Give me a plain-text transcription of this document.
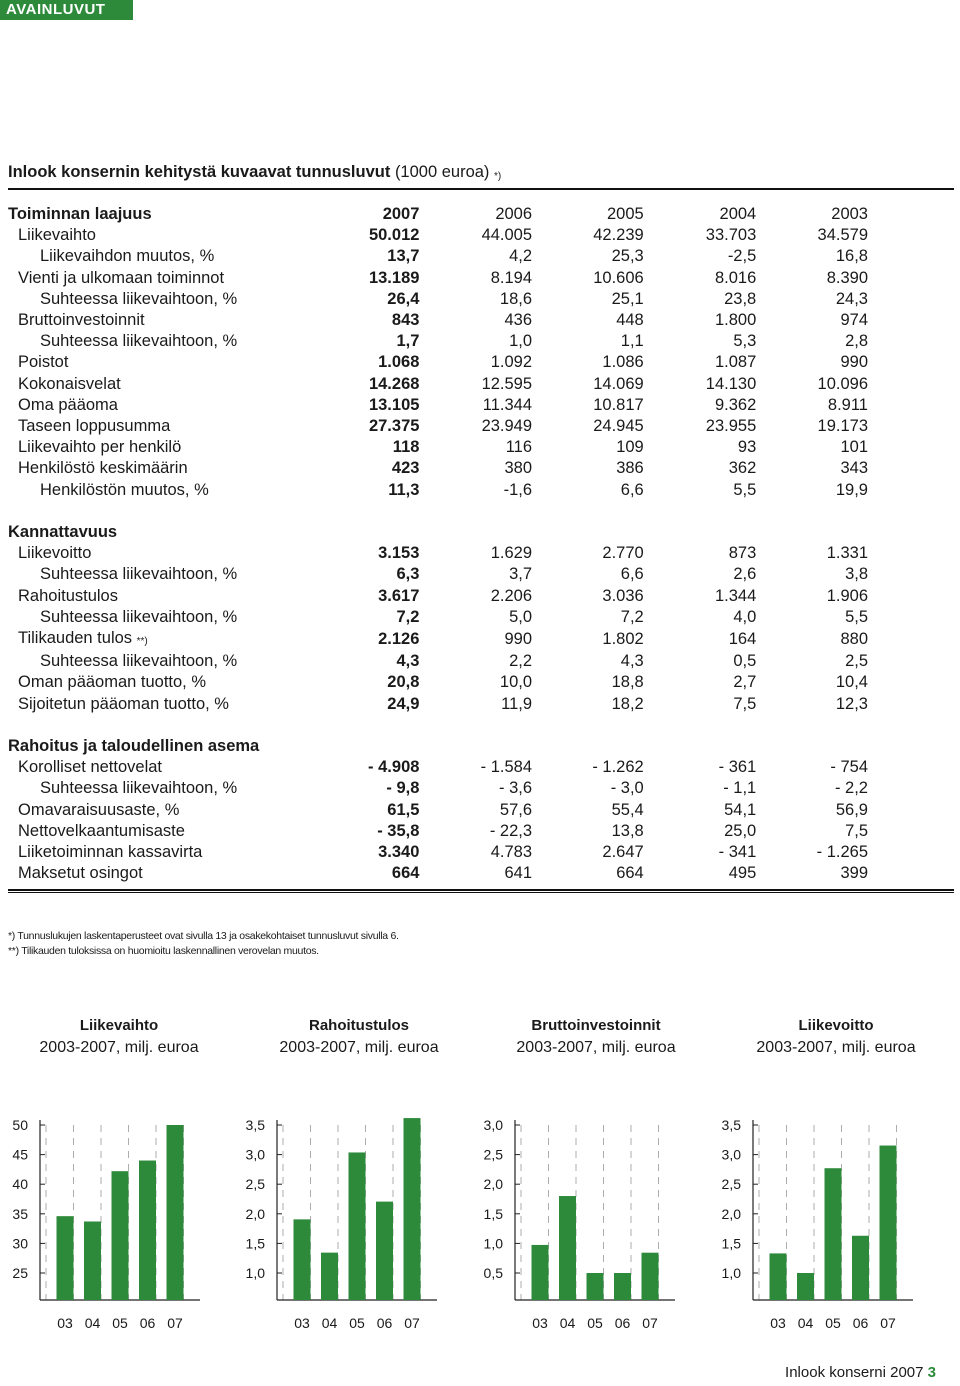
AVAINLUVUT
Inlook konsernin kehitystä kuvaavat tunnusluvut (1000 euroa) *)
Toiminnan laajuus	2007	2006	2005	2004	2003
Liikevaihto	50.012	44.005	42.239	33.703	34.579
Liikevaihdon muutos, %	13,7	4,2	25,3	-2,5	16,8
Vienti ja ulkomaan toiminnot	13.189	8.194	10.606	8.016	8.390
Suhteessa liikevaihtoon, %	26,4	18,6	25,1	23,8	24,3
Bruttoinvestoinnit	843	436	448	1.800	974
Suhteessa liikevaihtoon, %	1,7	1,0	1,1	5,3	2,8
Poistot	1.068	1.092	1.086	1.087	990
Kokonaisvelat	14.268	12.595	14.069	14.130	10.096
Oma pääoma	13.105	11.344	10.817	9.362	8.911
Taseen loppusumma	27.375	23.949	24.945	23.955	19.173
Liikevaihto per henkilö	118	116	109	93	101
Henkilöstö keskimäärin	423	380	386	362	343
Henkilöstön muutos, %	11,3	-1,6	6,6	5,5	19,9

Kannattavuus					
Liikevoitto	3.153	1.629	2.770	873	1.331
Suhteessa liikevaihtoon, %	6,3	3,7	6,6	2,6	3,8
Rahoitustulos	3.617	2.206	3.036	1.344	1.906
Suhteessa liikevaihtoon, %	7,2	5,0	7,2	4,0	5,5
Tilikauden tulos **)	2.126	990	1.802	164	880
Suhteessa liikevaihtoon, %	4,3	2,2	4,3	0,5	2,5
Oman pääoman tuotto, %	20,8	10,0	18,8	2,7	10,4
Sijoitetun pääoman tuotto, %	24,9	11,9	18,2	7,5	12,3

Rahoitus ja taloudellinen asema					
Korolliset nettovelat	- 4.908	- 1.584	- 1.262	- 361	- 754
Suhteessa liikevaihtoon, %	- 9,8	- 3,6	- 3,0	- 1,1	- 2,2
Omavaraisuusaste, %	61,5	57,6	55,4	54,1	56,9
Nettovelkaantumisaste	- 35,8	- 22,3	13,8	25,0	7,5
Liiketoiminnan kassavirta	3.340	4.783	2.647	- 341	- 1.265
Maksetut osingot	664	641	664	495	399
*) Tunnuslukujen laskentaperusteet ovat sivulla 13 ja osakekohtaiset tunnusluvut sivulla 6.
**) Tilikauden tuloksissa on huomioitu laskennallinen verovelan muutos.
Liikevaihto
2003-2007, milj. euroa
Rahoitustulos
2003-2007, milj. euroa
Bruttoinvestoinnit
2003-2007, milj. euroa
Liikevoitto
2003-2007, milj. euroa
25
30
35
40
45
50
03 04 05 06 07
1,0
1,5
2,0
2,5
3,0
3,5
03 04 05 06 07
0,5
1,0
1,5
2,0
2,5
3,0
03 04 05 06 07
1,0
1,5
2,0
2,5
3,0
3,5
03 04 05 06 07
Inlook konserni 2007 3
